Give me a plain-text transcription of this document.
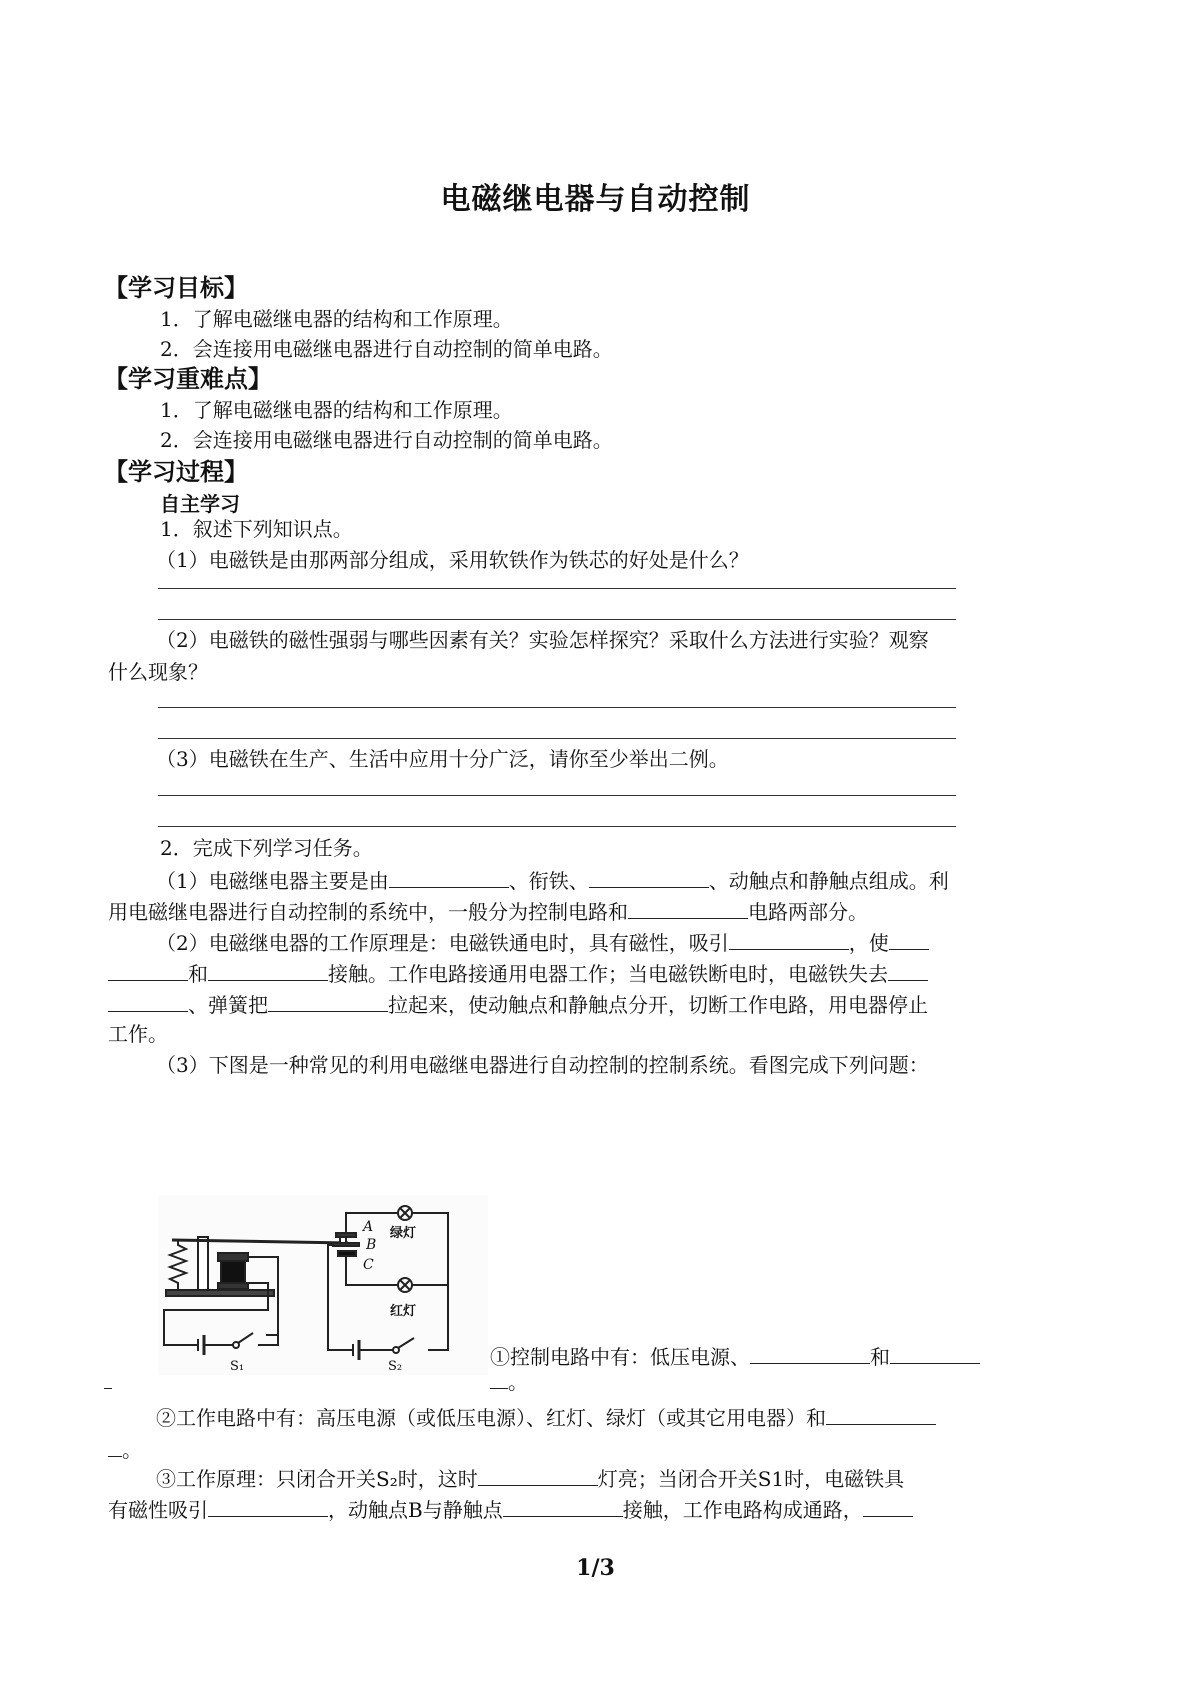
电磁继电器与自动控制
【学习目标】
1．了解电磁继电器的结构和工作原理。
2．会连接用电磁继电器进行自动控制的简单电路。
【学习重难点】
1．了解电磁继电器的结构和工作原理。
2．会连接用电磁继电器进行自动控制的简单电路。
【学习过程】
自主学习
1．叙述下列知识点。
（1）电磁铁是由那两部分组成，采用软铁作为铁芯的好处是什么？
（2）电磁铁的磁性强弱与哪些因素有关？实验怎样探究？采取什么方法进行实验？观察
什么现象？
（3）电磁铁在生产、生活中应用十分广泛，请你至少举出二例。
2．完成下列学习任务。
（1）电磁继电器主要是由	、衔铁、	、动触点和静触点组成。利
用电磁继电器进行自动控制的系统中，一般分为控制电路和	电路两部分。
（2）电磁继电器的工作原理是：电磁铁通电时，具有磁性，吸引	，使
和	接触。工作电路接通用电器工作；当电磁铁断电时，电磁铁失去
、弹簧把	拉起来，使动触点和静触点分开，切断工作电路，用电器停止
工作。
（3）下图是一种常见的利用电磁继电器进行自动控制的控制系统。看图完成下列问题：
A
B
C
绿灯
红灯
S₁	S₂	①控制电路中有：低压电源、	和
。
②工作电路中有：高压电源（或低压电源）、红灯、绿灯（或其它用电器）和
。
③工作原理：只闭合开关S₂时，这时	灯亮；当闭合开关S1时，电磁铁具
有磁性吸引	，动触点B与静触点	接触，工作电路构成通路，
1/3
